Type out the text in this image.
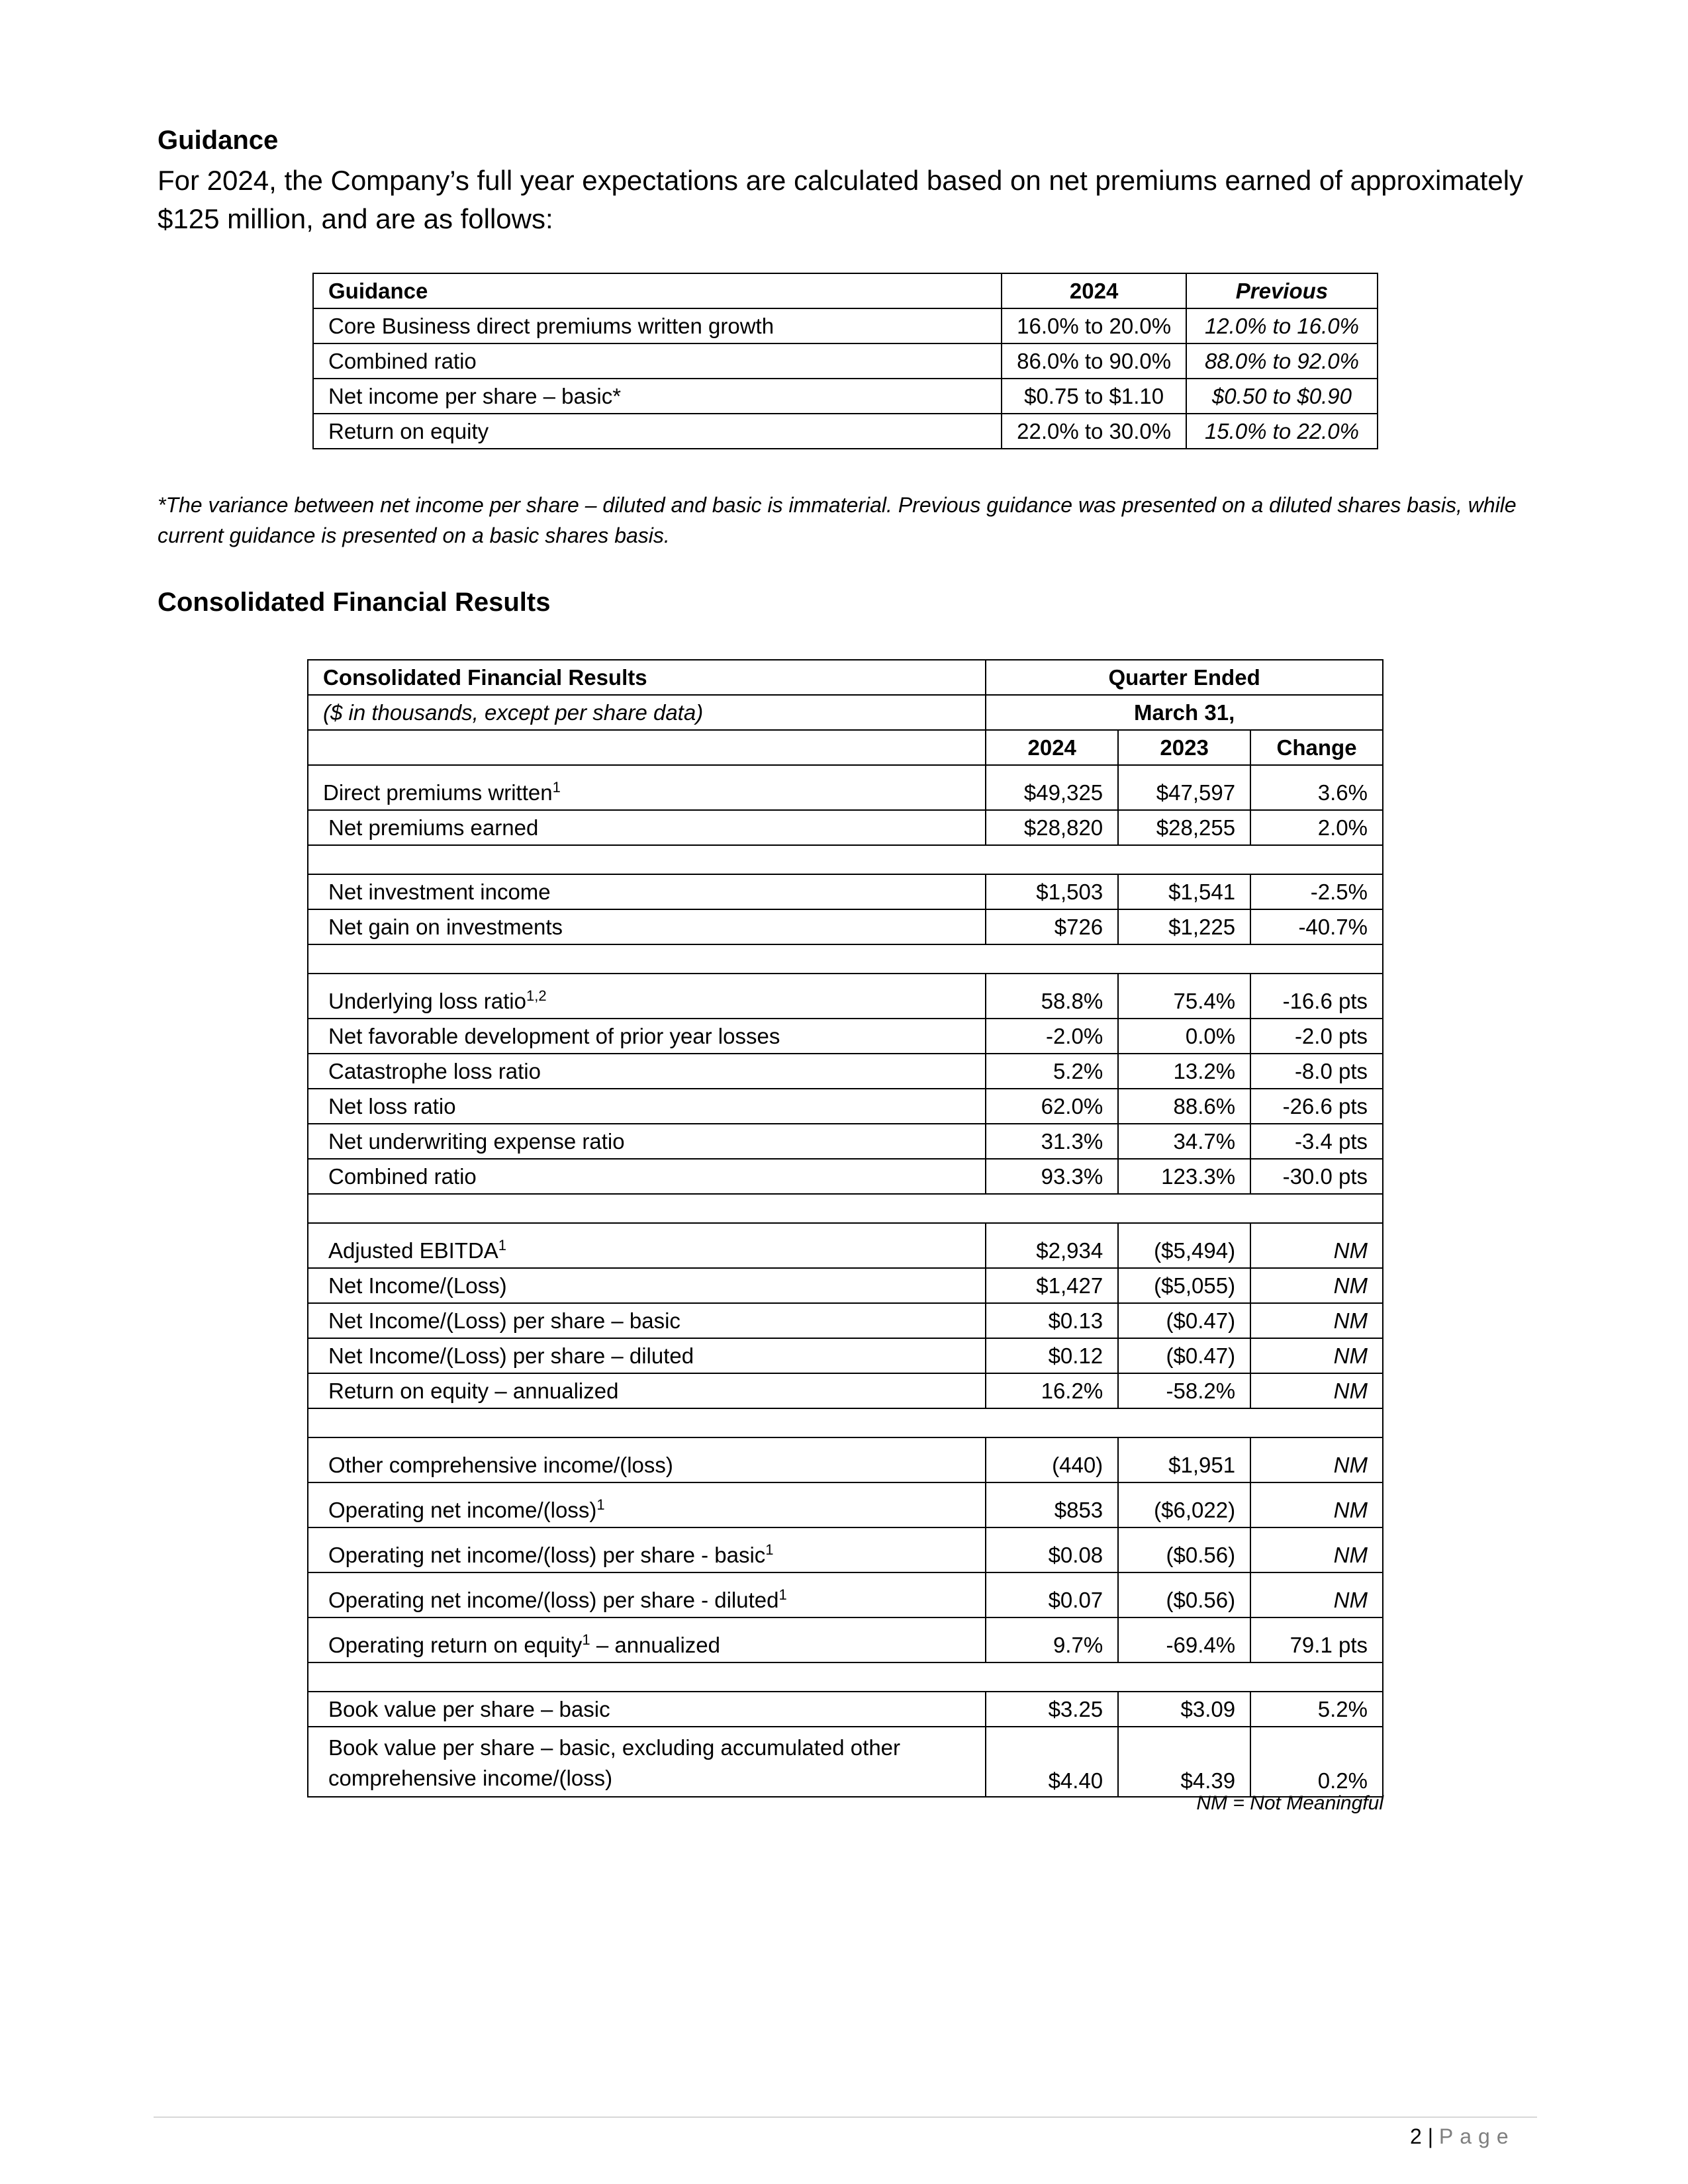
Guidance
For 2024, the Company’s full year expectations are calculated based on net premiums earned of approximately $125 million, and are as follows:
Guidance	2024	Previous
Core Business direct premiums written growth	16.0% to 20.0%	12.0% to 16.0%
Combined ratio	86.0% to 90.0%	88.0% to 92.0%
Net income per share – basic*	$0.75 to $1.10	$0.50 to $0.90
Return on equity	22.0% to 30.0%	15.0% to 22.0%
*The variance between net income per share – diluted and basic is immaterial. Previous guidance was presented on a diluted shares basis, while current guidance is presented on a basic shares basis.
Consolidated Financial Results
Consolidated Financial Results	Quarter Ended		
($ in thousands, except per share data)	March 31,		
	2024	2023	Change
Direct premiums written$^1$	$49,325	$47,597	3.6%
Net premiums earned	$28,820	$28,255	2.0%

Net investment income	$1,503	$1,541	-2.5%
Net gain on investments	$726	$1,225	-40.7%

Underlying loss ratio$^{1,2}$	58.8%	75.4%	-16.6 pts
Net favorable development of prior year losses	-2.0%	0.0%	-2.0 pts
Catastrophe loss ratio	5.2%	13.2%	-8.0 pts
Net loss ratio	62.0%	88.6%	-26.6 pts
Net underwriting expense ratio	31.3%	34.7%	-3.4 pts
Combined ratio	93.3%	123.3%	-30.0 pts

Adjusted EBITDA$^1$	$2,934	($5,494)	NM
Net Income/(Loss)	$1,427	($5,055)	NM
Net Income/(Loss) per share – basic	$0.13	($0.47)	NM
Net Income/(Loss) per share – diluted	$0.12	($0.47)	NM
Return on equity – annualized	16.2%	-58.2%	NM

Other comprehensive income/(loss)	(440)	$1,951	NM
Operating net income/(loss)$^1$	$853	($6,022)	NM
Operating net income/(loss) per share - basic$^1$	$0.08	($0.56)	NM
Operating net income/(loss) per share - diluted$^1$	$0.07	($0.56)	NM
Operating return on equity$^1$ – annualized	9.7%	-69.4%	79.1 pts

Book value per share – basic	$3.25	$3.09	5.2%
Book value per share – basic, excluding accumulated other comprehensive income/(loss)	$4.40	$4.39	0.2%
NM = Not Meaningful
2 | Page
